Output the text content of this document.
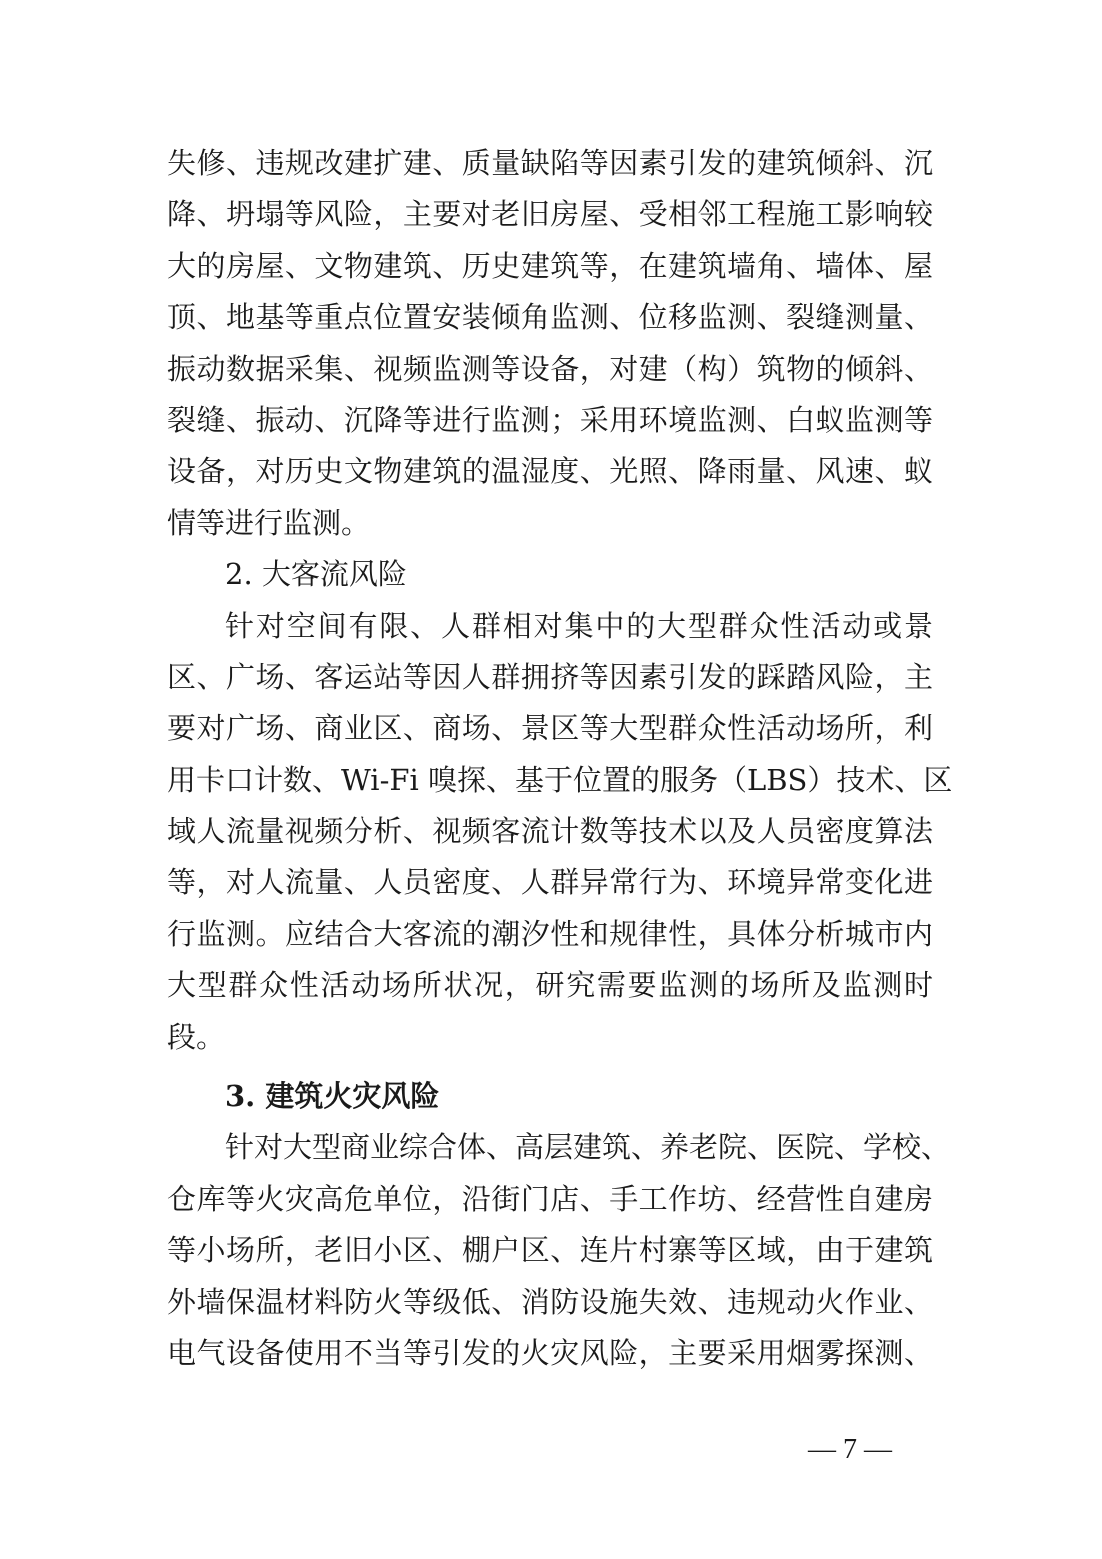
失修、违规改建扩建、质量缺陷等因素引发的建筑倾斜、沉
降、坍塌等风险，主要对老旧房屋、受相邻工程施工影响较
大的房屋、文物建筑、历史建筑等，在建筑墙角、墙体、屋
顶、地基等重点位置安装倾角监测、位移监测、裂缝测量、
振动数据采集、视频监测等设备，对建（构）筑物的倾斜、
裂缝、振动、沉降等进行监测；采用环境监测、白蚁监测等
设备，对历史文物建筑的温湿度、光照、降雨量、风速、蚁
情等进行监测。
2. 大客流风险
针对空间有限、人群相对集中的大型群众性活动或景
区、广场、客运站等因人群拥挤等因素引发的踩踏风险，主
要对广场、商业区、商场、景区等大型群众性活动场所，利
用卡口计数、Wi-Fi 嗅探、基于位置的服务（LBS）技术、区
域人流量视频分析、视频客流计数等技术以及人员密度算法
等，对人流量、人员密度、人群异常行为、环境异常变化进
行监测。应结合大客流的潮汐性和规律性，具体分析城市内
大型群众性活动场所状况，研究需要监测的场所及监测时
段。
3. 建筑火灾风险
针对大型商业综合体、高层建筑、养老院、医院、学校、
仓库等火灾高危单位，沿街门店、手工作坊、经营性自建房
等小场所，老旧小区、棚户区、连片村寨等区域，由于建筑
外墙保温材料防火等级低、消防设施失效、违规动火作业、
电气设备使用不当等引发的火灾风险，主要采用烟雾探测、
— 7 —
